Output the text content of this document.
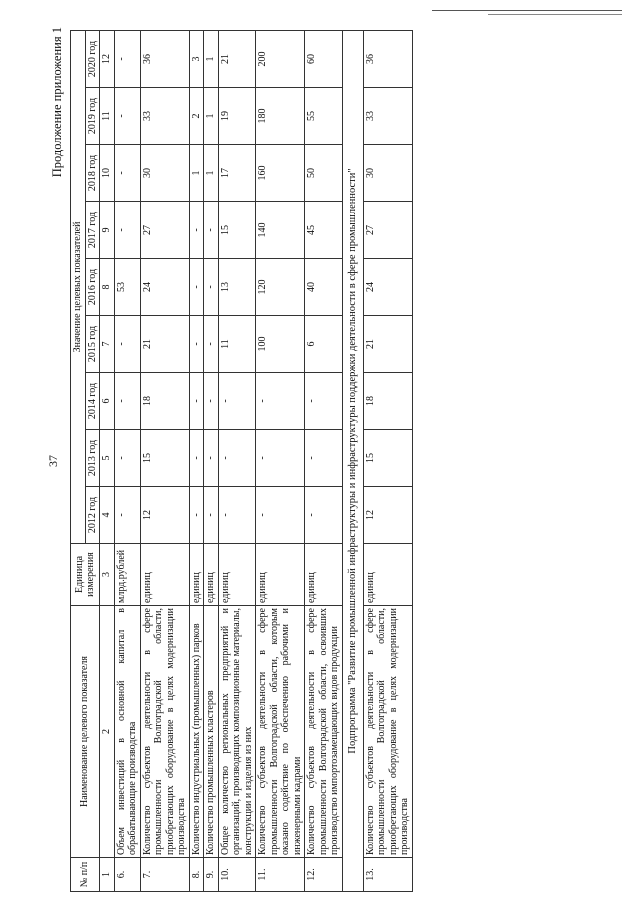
Продолжение приложения 1
37
№ п/п	Наименование целевого показателя	Единица измерения	Значение целевых показателей								
			2012 год	2013 год	2014 год	2015 год	2016 год	2017 год	2018 год	2019 год	2020 год
1	2	3	4	5	6	7	8	9	10	11	12
6.	Объем инвестиций в основной капитал в обрабатывающие производства	млрд.рублей	-	-	-	-	53	-	-	-	-
7.	Количество субъектов деятельности в сфере промышленности Волгоградской области, приобретающих оборудование в целях модернизации производства	единиц	12	15	18	21	24	27	30	33	36
8.	Количество индустриальных (промышленных) парков	единиц	-	-	-	-	-	-	1	2	3
9.	Количество промышленных кластеров	единиц	-	-	-	-	-	-	1	1	1
10.	Общее количество региональных предприятий и организаций, производящих композиционные материалы, конструкции и изделия из них	единиц	-	-	-	11	13	15	17	19	21
11.	Количество субъектов деятельности в сфере промышленности Волгоградской области, которым оказано содействие по обеспечению рабочими и инженерными кадрами	единиц	-	-	-	100	120	140	160	180	200
12.	Количество субъектов деятельности в сфере промышленности Волгоградской области, освоивших производство импортозамещающих видов продукции	единиц	-	-	-	6	40	45	50	55	60
Подпрограмма "Развитие промышленной инфраструктуры и инфраструктуры поддержки деятельности в сфере промышленности"											
13.	Количество субъектов деятельности в сфере промышленности Волгоградской области, приобретающих оборудование в целях модернизации производства	единиц	12	15	18	21	24	27	30	33	36
